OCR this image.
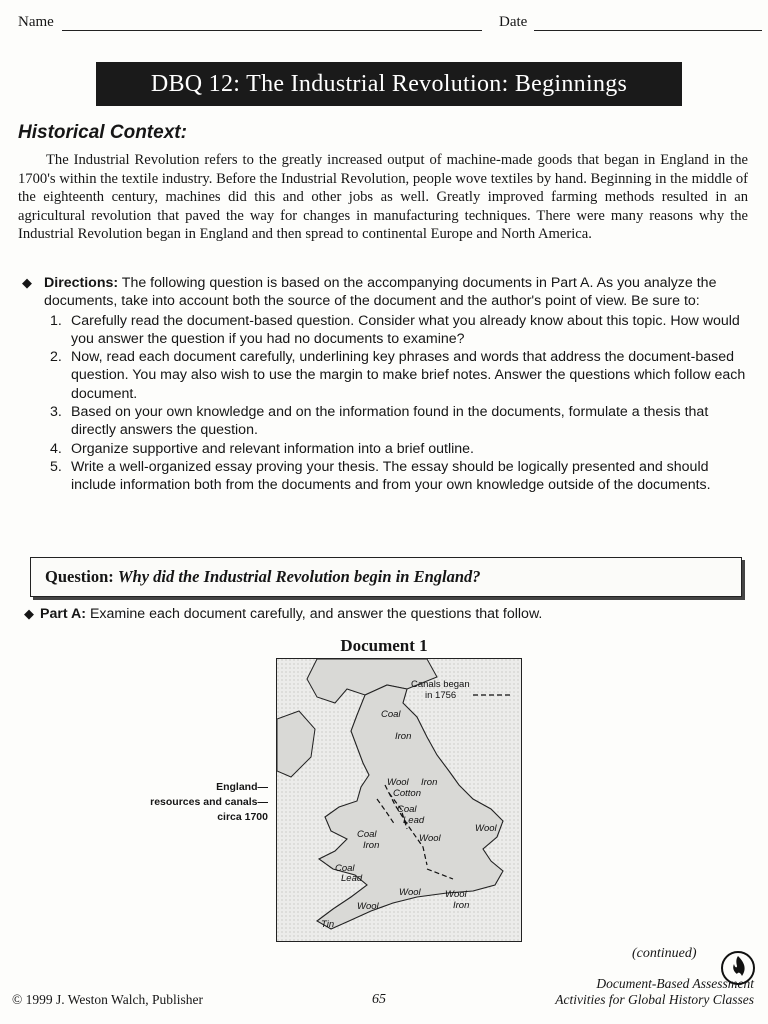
Name	Date
DBQ 12: The Industrial Revolution: Beginnings
Historical Context:
The Industrial Revolution refers to the greatly increased output of machine-made goods that began in England in the 1700's within the textile industry. Before the Industrial Revolution, people wove textiles by hand. Beginning in the middle of the eighteenth century, machines did this and other jobs as well. Greatly improved farming methods resulted in an agricultural revolution that paved the way for changes in manufacturing techniques. There were many reasons why the Industrial Revolution began in England and then spread to continental Europe and North America.
◆ Directions: The following question is based on the accompanying documents in Part A. As you analyze the documents, take into account both the source of the document and the author's point of view. Be sure to:
1. Carefully read the document-based question. Consider what you already know about this topic. How would you answer the question if you had no documents to examine?
2. Now, read each document carefully, underlining key phrases and words that address the document-based question. You may also wish to use the margin to make brief notes. Answer the questions which follow each document.
3. Based on your own knowledge and on the information found in the documents, formulate a thesis that directly answers the question.
4. Organize supportive and relevant information into a brief outline.
5. Write a well-organized essay proving your thesis. The essay should be logically presented and should include information both from the documents and from your own knowledge outside of the documents.
Question: Why did the Industrial Revolution begin in England?
◆ Part A: Examine each document carefully, and answer the questions that follow.
Document 1
England—
resources and canals—
circa 1700
Canals began
in 1756
Coal
Iron
Wool Iron
Cotton
Coal
Lead
Wool
Coal
Iron
Wool
Coal
Lead
Wool	Wool
Iron
Wool
Tin
(continued)
© 1999 J. Weston Walch, Publisher	65
Document-Based Assessment
Activities for Global History Classes
